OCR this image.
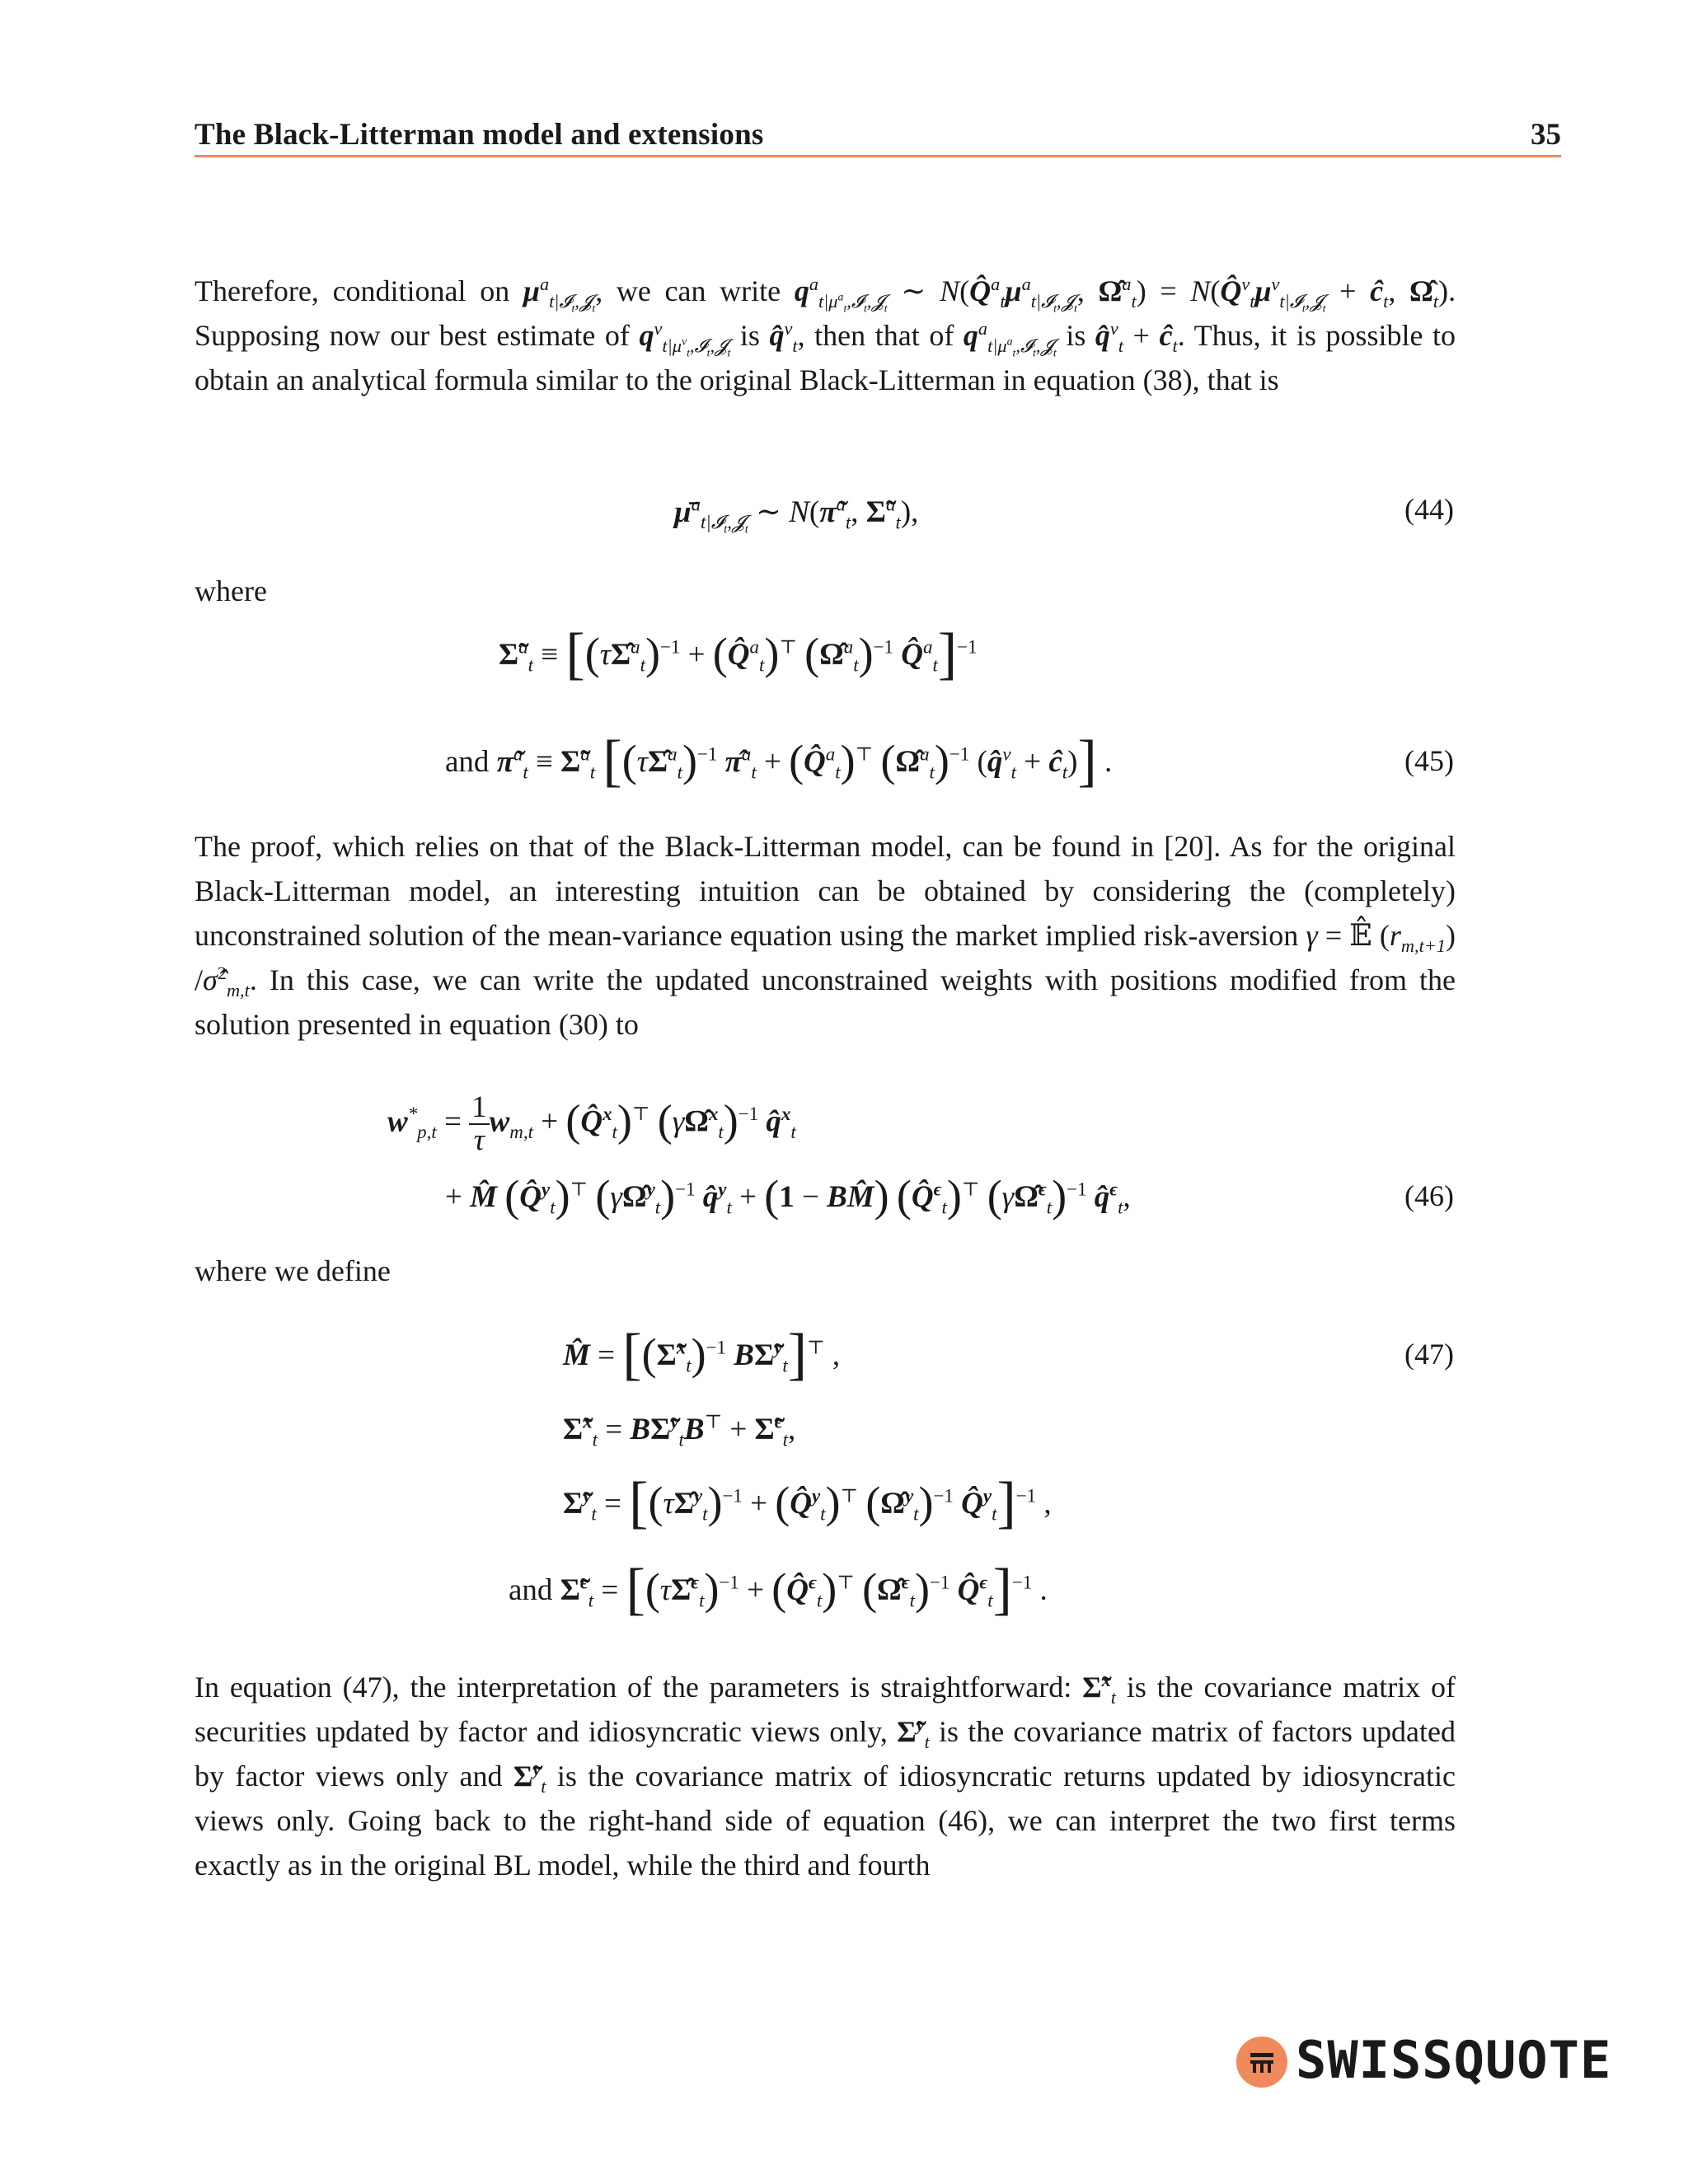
The Black-Litterman model and extensions	35
Therefore, conditional on $\mu^a_{t|𝓘_t,𝓙_t}$, we can write $q^a_{t|\mu^a_t,𝓘_t,𝓙_t}$ ∼ $N(Q̂^a_t\mu^a_{t|𝓘_t,𝓙_t}$, Ω̂$^a_t$) = $N(Q̂^v_t\mu^v_{t|𝓘_t,𝓙_t}$ + $ĉ_t$, $\Omegâ_t$). Supposing now our best estimate of $q^v_{t|\mu^v_t,𝓘_t,𝓙_t}$ is q̂$^v_t$, then that of $q^a_{t|\mu^a_t,𝓘_t,𝓙_t}$ is q̂$^v_t$ + $ĉ_t$. Thus, it is possible to obtain an analytical formula similar to the original Black-Litterman in equation (38), that is
μ̄$^a_{t|𝓘_t,𝓙_t}$ ∼ N(π̃$^a_t$, Σ̃$^a_t$),	(44)
where
Σ̃$^a_t$ ≡ [(τΣ̂$^a_t$)$^{-1}$ + (Q̂$^a_t$)⊤ (Ω̂$^a_t$)$^{-1}$ Q̂$^a_t$]$^{-1}$
and π̃$^a_t$ ≡ Σ̃$^a_t$ [(τΣ̂$^a_t$)$^{-1}$ π̂$^a_t$ + (Q̂$^a_t$)⊤ (Ω̂$^a_t$)$^{-1}$ (q̂$^v_t$ + $ĉ_t$)] .	(45)
The proof, which relies on that of the Black-Litterman model, can be found in [20]. As for the original Black-Litterman model, an interesting intuition can be obtained by considering the (completely) unconstrained solution of the mean-variance equation using the market implied risk-aversion γ = 𝔼̂ $(r_{m,t+1})$ /σ̂$^2_{m,t}$. In this case, we can write the updated unconstrained weights with positions modified from the solution presented in equation (30) to
$w^*_{p,t} = \frac{1}{\tau} w_{m,t}$ + (Q̂$^x_t$)⊤ (γΩ̂$^x_t$)$^{-1}$ q̂$^x_t$
+ M̂ (Q̂$^y_t$)⊤ (γΩ̂$^y_t$)$^{-1}$ q̂$^y_t$ + (1 − BM̂) (Q̂$^\epsilon_t$)⊤ (γΩ̂$^\epsilon_t$)$^{-1}$ q̂$^\epsilon_t$,	(46)
where we define
M̂ = [(Σ̃$^x_t$)$^{-1}$ BΣ̃$^y_t$]⊤ ,	(47)
Σ̃$^x_t$ = BΣ̃$^y_t$B⊤ + Σ̃$^\epsilon_t$,
Σ̃$^y_t$ = [(τΣ̂$^y_t$)$^{-1}$ + (Q̂$^y_t$)⊤ (Ω̂$^y_t$)$^{-1}$ Q̂$^y_t$]$^{-1}$ ,
and Σ̃$^\epsilon_t$ = [(τΣ̂$^\epsilon_t$)$^{-1}$ + (Q̂$^\epsilon_t$)⊤ (Ω̂$^\epsilon_t$)$^{-1}$ Q̂$^\epsilon_t$]$^{-1}$ .
In equation (47), the interpretation of the parameters is straightforward: Σ̃$^x_t$ is the covariance matrix of securities updated by factor and idiosyncratic views only, Σ̃$^y_t$ is the covariance matrix of factors updated by factor views only and Σ̃$^y_t$ is the covariance matrix of idiosyncratic returns updated by idiosyncratic views only. Going back to the right-hand side of equation (46), we can interpret the two first terms exactly as in the original BL model, while the third and fourth
SWISSQUOTE
